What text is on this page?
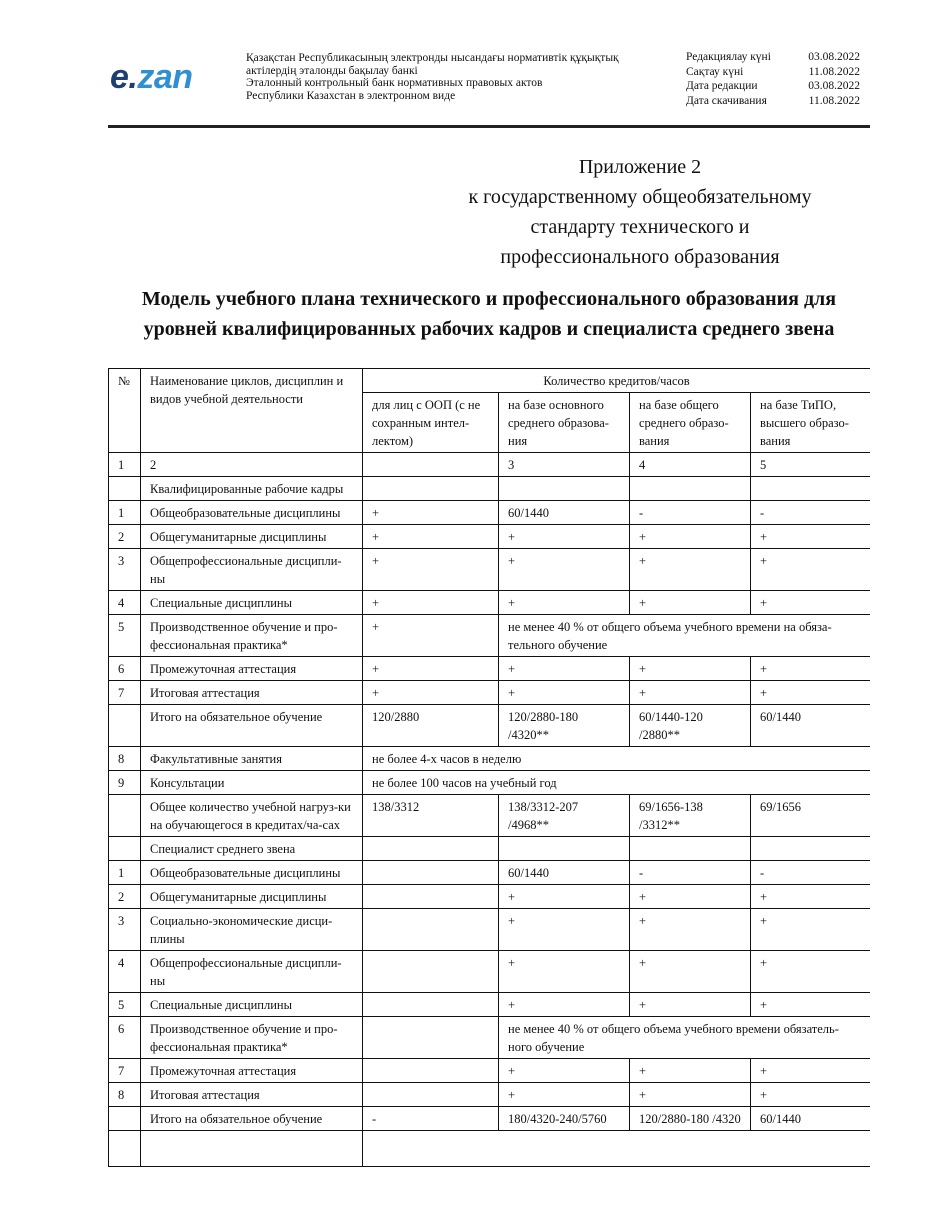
e.zan	Қазақстан Республикасының электронды нысандағы нормативтік құқықтық
актілердің эталонды бақылау банкі
Эталонный контрольный банк нормативных правовых актов
Республики Казахстан в электронном виде
Редакциялау күні	03.08.2022
Сақтау күні	11.08.2022
Дата редакции	03.08.2022
Дата скачивания	11.08.2022
Приложение 2
к государственному общеобязательному
стандарту технического и
профессионального образования
Модель учебного плана технического и профессионального образования для
уровней квалифицированных рабочих кадров и специалиста среднего звена
№	Наименование циклов, дисциплин и видов учебной деятельности	Количество кредитов/часов			
		для лиц с ООП (с не сохранным интел-лектом)	на базе основного среднего образова-ния	на базе общего среднего образо-вания	на базе ТиПО, высшего образо-вания
1	2		3	4	5
	Квалифицированные рабочие кадры				
1	Общеобразовательные дисциплины	+	60/1440	-	-
2	Общегуманитарные дисциплины	+	+	+	+
3	Общепрофессиональные дисципли-ны	+	+	+	+
4	Специальные дисциплины	+	+	+	+
5	Производственное обучение и про-фессиональная практика*	+	не менее 40 % от общего объема учебного времени на обяза-тельного обучение		
6	Промежуточная аттестация	+	+	+	+
7	Итоговая аттестация	+	+	+	+
	Итого на обязательное обучение	120/2880	120/2880-180 /4320**	60/1440-120 /2880**	60/1440
8	Факультативные занятия	не более 4-х часов в неделю			
9	Консультации	не более 100 часов на учебный год			
	Общее количество учебной нагруз-ки на обучающегося в кредитах/ча-сах	138/3312	138/3312-207 /4968**	69/1656-138 /3312**	69/1656
	Специалист среднего звена				
1	Общеобразовательные дисциплины		60/1440	-	-
2	Общегуманитарные дисциплины		+	+	+
3	Социально-экономические дисци-плины		+	+	+
4	Общепрофессиональные дисципли-ны		+	+	+
5	Специальные дисциплины		+	+	+
6	Производственное обучение и про-фессиональная практика*		не менее 40 % от общего объема учебного времени обязатель-ного обучение		
7	Промежуточная аттестация		+	+	+
8	Итоговая аттестация		+	+	+
	Итого на обязательное обучение	-	180/4320-240/5760	120/2880-180 /4320	60/1440
